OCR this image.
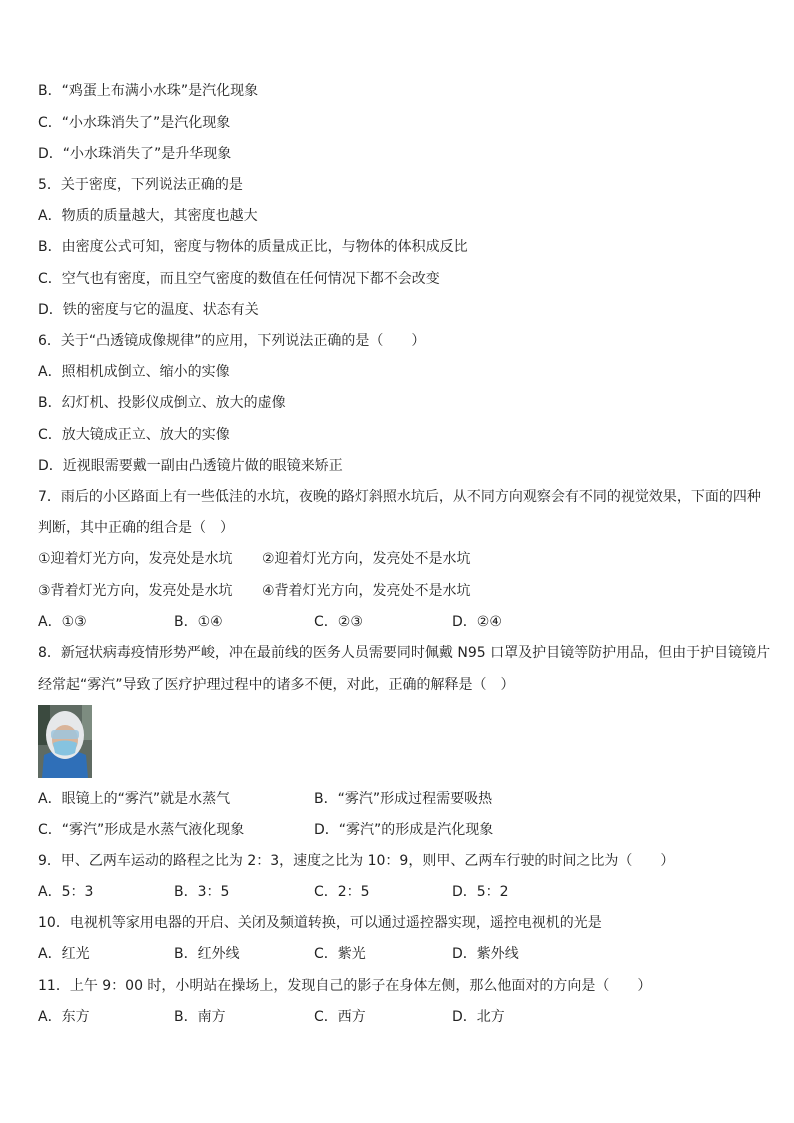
B．“鸡蛋上布满小水珠”是汽化现象
C．“小水珠消失了”是汽化现象
D．“小水珠消失了”是升华现象
5．关于密度，下列说法正确的是
A．物质的质量越大，其密度也越大
B．由密度公式可知，密度与物体的质量成正比，与物体的体积成反比
C．空气也有密度，而且空气密度的数值在任何情况下都不会改变
D．铁的密度与它的温度、状态有关
6．关于“凸透镜成像规律”的应用，下列说法正确的是（　　）
A．照相机成倒立、缩小的实像
B．幻灯机、投影仪成倒立、放大的虚像
C．放大镜成正立、放大的实像
D．近视眼需要戴一副由凸透镜片做的眼镜来矫正
7．雨后的小区路面上有一些低洼的水坑，夜晚的路灯斜照水坑后，从不同方向观察会有不同的视觉效果，下面的四种
判断，其中正确的组合是（　）
①迎着灯光方向，发亮处是水坑 ②迎着灯光方向，发亮处不是水坑
③背着灯光方向，发亮处是水坑 ④背着灯光方向，发亮处不是水坑
A．①③	B．①④	C．②③	D．②④
8．新冠状病毒疫情形势严峻，冲在最前线的医务人员需要同时佩戴 N95 口罩及护目镜等防护用品，但由于护目镜镜片
经常起“雾汽”导致了医疗护理过程中的诸多不便，对此，正确的解释是（　）
A．眼镜上的“雾汽”就是水蒸气	B．“雾汽”形成过程需要吸热
C．“雾汽”形成是水蒸气液化现象	D．“雾汽”的形成是汽化现象
9．甲、乙两车运动的路程之比为 2：3，速度之比为 10：9，则甲、乙两车行驶的时间之比为（　　）
A．5：3	B．3：5	C．2：5	D．5：2
10．电视机等家用电器的开启、关闭及频道转换，可以通过遥控器实现，遥控电视机的光是
A．红光	B．红外线	C．紫光	D．紫外线
11．上午 9：00 时，小明站在操场上，发现自己的影子在身体左侧，那么他面对的方向是（　　）
A．东方	B．南方	C．西方	D．北方
